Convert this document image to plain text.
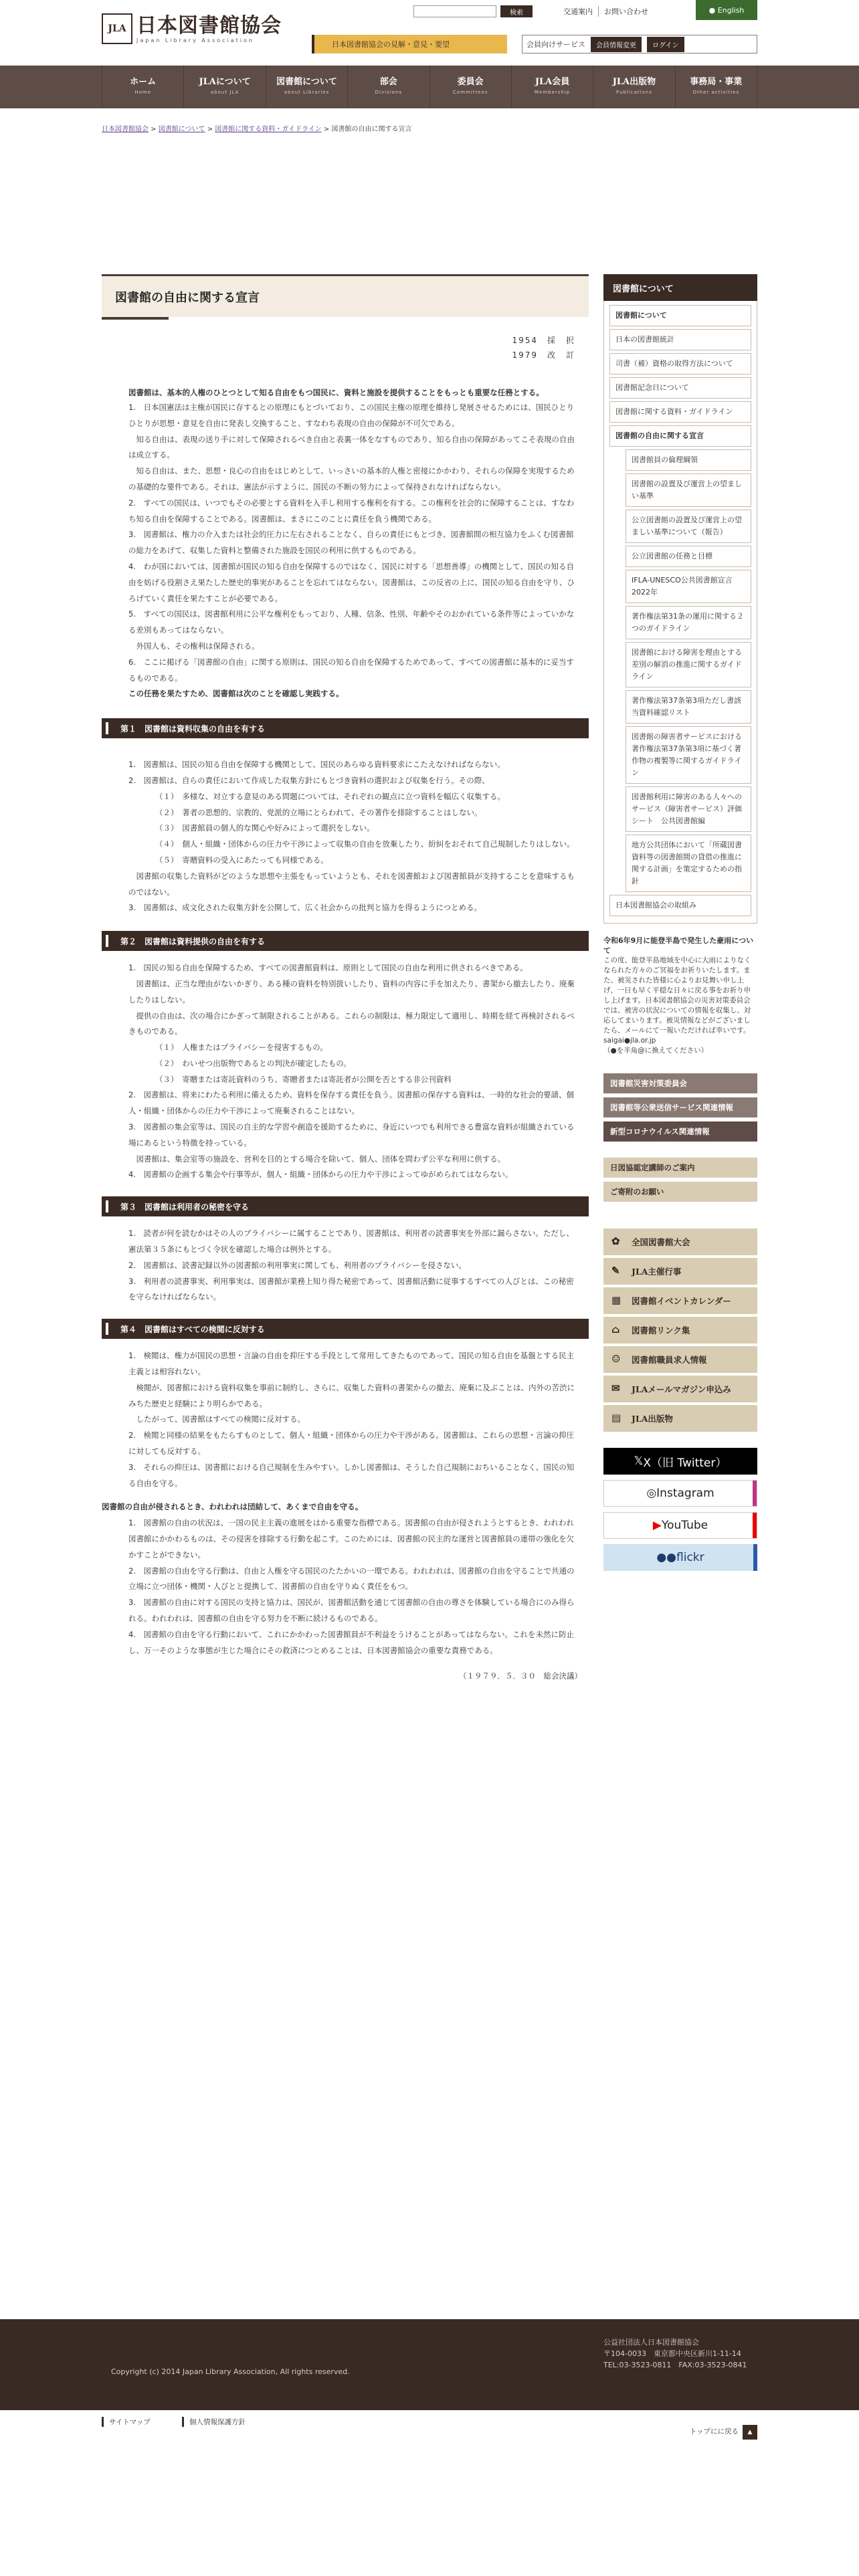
JLA 日本図書館協会
Japan Library Association
検索	交通案内	お問い合わせ	● English
日本図書館協会の見解・意見・要望	会員向けサービス	会員情報変更	ログイン
ホーム
Home
JLAについて
about JLA
図書館について
about Libraries
部会
Divisions
委員会
Committees
JLA会員
Membership
JLA出版物
Publications
事務局・事業
Other activities
日本図書館協会 > 図書館について > 図書館に関する資料・ガイドライン > 図書館の自由に関する宣言
図書館の自由に関する宣言
1954　採　択
1979　改　訂
図書館は、基本的人権のひとつとして知る自由をもつ国民に、資料と施設を提供することをもっとも重要な任務とする。

1.　日本国憲法は主権が国民に存するとの原理にもとづいており、この国民主権の原理を維持し発展させるためには、国民ひとりひとりが思想・意見を自由に発表し交換すること、すなわち表現の自由の保障が不可欠である。

　知る自由は、表現の送り手に対して保障されるべき自由と表裏一体をなすものであり、知る自由の保障があってこそ表現の自由は成立する。

　知る自由は、また、思想・良心の自由をはじめとして、いっさいの基本的人権と密接にかかわり、それらの保障を実現するための基礎的な要件である。それは、憲法が示すように、国民の不断の努力によって保持されなければならない。

2.　すべての国民は、いつでもその必要とする資料を入手し利用する権利を有する。この権利を社会的に保障することは、すなわち知る自由を保障することである。図書館は、まさにこのことに責任を負う機関である。

3.　図書館は、権力の介入または社会的圧力に左右されることなく、自らの責任にもとづき、図書館間の相互協力をふくむ図書館の総力をあげて、収集した資料と整備された施設を国民の利用に供するものである。

4.　わが国においては、図書館が国民の知る自由を保障するのではなく、国民に対する「思想善導」の機関として、国民の知る自由を妨げる役割さえ果たした歴史的事実があることを忘れてはならない。図書館は、この反省の上に、国民の知る自由を守り、ひろげていく責任を果たすことが必要である。

5.　すべての国民は、図書館利用に公平な権利をもっており、人種、信条、性別、年齢やそのおかれている条件等によっていかなる差別もあってはならない。

　外国人も、その権利は保障される。

6.　ここに掲げる「図書館の自由」に関する原則は、国民の知る自由を保障するためであって、すべての図書館に基本的に妥当するものである。

この任務を果たすため、図書館は次のことを確認し実践する。

第１　図書館は資料収集の自由を有する

1.　図書館は、国民の知る自由を保障する機関として、国民のあらゆる資料要求にこたえなければならない。

2.　図書館は、自らの責任において作成した収集方針にもとづき資料の選択および収集を行う。その際、

（１）　多様な、対立する意見のある問題については、それぞれの観点に立つ資料を幅広く収集する。

（２）　著者の思想的、宗教的、党派的立場にとらわれて、その著作を排除することはしない。

（３）　図書館員の個人的な関心や好みによって選択をしない。

（４）　個人・組織・団体からの圧力や干渉によって収集の自由を放棄したり、紛糾をおそれて自己規制したりはしない。

（５）　寄贈資料の受入にあたっても同様である。

　図書館の収集した資料がどのような思想や主張をもっていようとも、それを図書館および図書館員が支持することを意味するものではない。

3.　図書館は、成文化された収集方針を公開して、広く社会からの批判と協力を得るようにつとめる。

第２　図書館は資料提供の自由を有する

1.　国民の知る自由を保障するため、すべての図書館資料は、原則として国民の自由な利用に供されるべきである。

　図書館は、正当な理由がないかぎり、ある種の資料を特別扱いしたり、資料の内容に手を加えたり、書架から撤去したり、廃棄したりはしない。

　提供の自由は、次の場合にかぎって制限されることがある。これらの制限は、極力限定して適用し、時期を経て再検討されるべきものである。

（１）　人権またはプライバシーを侵害するもの。

（２）　わいせつ出版物であるとの判決が確定したもの。

（３）　寄贈または寄託資料のうち、寄贈者または寄託者が公開を否とする非公刊資料

2.　図書館は、将来にわたる利用に備えるため、資料を保存する責任を負う。図書館の保存する資料は、一時的な社会的要請、個人・組織・団体からの圧力や干渉によって廃棄されることはない。

3.　図書館の集会室等は、国民の自主的な学習や創造を援助するために、身近にいつでも利用できる豊富な資料が組織されている場にあるという特徴を持っている。

　図書館は、集会室等の施設を、営利を目的とする場合を除いて、個人、団体を問わず公平な利用に供する。

4.　図書館の企画する集会や行事等が、個人・組織・団体からの圧力や干渉によってゆがめられてはならない。

第３　図書館は利用者の秘密を守る

1.　読者が何を読むかはその人のプライバシーに属することであり、図書館は、利用者の読書事実を外部に漏らさない。ただし、憲法第３５条にもとづく令状を確認した場合は例外とする。

2.　図書館は、読書記録以外の図書館の利用事実に関しても、利用者のプライバシーを侵さない。

3.　利用者の読書事実、利用事実は、図書館が業務上知り得た秘密であって、図書館活動に従事するすべての人びとは、この秘密を守らなければならない。

第４　図書館はすべての検閲に反対する

1.　検閲は、権力が国民の思想・言論の自由を抑圧する手段として常用してきたものであって、国民の知る自由を基盤とする民主主義とは相容れない。

　検閲が、図書館における資料収集を事前に制約し、さらに、収集した資料の書架からの撤去、廃棄に及ぶことは、内外の苦渋にみちた歴史と経験により明らかである。

　したがって、図書館はすべての検閲に反対する。

2.　検閲と同様の結果をもたらすものとして、個人・組織・団体からの圧力や干渉がある。図書館は、これらの思想・言論の抑圧に対しても反対する。

3.　それらの抑圧は、図書館における自己規制を生みやすい。しかし図書館は、そうした自己規制におちいることなく、国民の知る自由を守る。

図書館の自由が侵されるとき、われわれは団結して、あくまで自由を守る。

1.　図書館の自由の状況は、一国の民主主義の進展をはかる重要な指標である。図書館の自由が侵されようとするとき、われわれ図書館にかかわるものは、その侵害を排除する行動を起こす。このためには、図書館の民主的な運営と図書館員の連帯の強化を欠かすことができない。

2.　図書館の自由を守る行動は、自由と人権を守る国民のたたかいの一環である。われわれは、図書館の自由を守ることで共通の立場に立つ団体・機関・人びとと提携して、図書館の自由を守りぬく責任をもつ。

3.　図書館の自由に対する国民の支持と協力は、国民が、図書館活動を通じて図書館の自由の尊さを体験している場合にのみ得られる。われわれは、図書館の自由を守る努力を不断に続けるものである。

4.　図書館の自由を守る行動において、これにかかわった図書館員が不利益をうけることがあってはならない。これを未然に防止し、万一そのような事態が生じた場合にその救済につとめることは、日本図書館協会の重要な責務である。

（１９７９．５．３０　総会決議）
図書館について
図書館について
日本の図書館統計
司書（補）資格の取得方法について
図書館記念日について
図書館に関する資料・ガイドライン
図書館の自由に関する宣言
図書館員の倫理綱領
図書館の設置及び運営上の望ましい基準
公立図書館の設置及び運営上の望ましい基準について（報告）
公立図書館の任務と目標
IFLA-UNESCO公共図書館宣言2022年
著作権法第31条の運用に関する２つのガイドライン
図書館における障害を理由とする差別の解消の推進に関するガイドライン
著作権法第37条第3項ただし書該当資料確認リスト
図書館の障害者サービスにおける著作権法第37条第3項に基づく著作物の複製等に関するガイドライン
図書館利用に障害のある人々へのサービス（障害者サービス）評価シート　公共図書館編
地方公共団体において「所蔵図書資料等の図書館間の貸借の推進に関する計画」を策定するための指針
日本図書館協会の取組み
令和6年9月に能登半島で発生した豪雨について
この度、能登半島地域を中心に大雨によりなくなられた方々のご冥福をお祈りいたします。また、被災された皆様に心よりお見舞い申し上げ、一日も早く平穏な日々に戻る事をお祈り申し上げます。日本図書館協会の災害対策委員会では、被害の状況についての情報を収集し、対応してまいります。被災情報などがございましたら、メールにて一報いただければ幸いです。
saigai●jla.or.jp
（●を半角@に換えてください）
図書館災害対策委員会
図書館等公衆送信サービス関連情報
新型コロナウイルス関連情報
日図協認定講師のご案内
ご寄附のお願い
✿	全国図書館大会
✎	JLA主催行事
▦	図書館イベントカレンダー
⌂	図書館リンク集
☺	図書館職員求人情報
✉	JLAメールマガジン申込み
▤	JLA出版物
𝕏 X（旧 Twitter）
◎ Instagram
▶ YouTube
●● flickr
サイトマップ	個人情報保護方針
トップにに戻る ▲
Copyright (c) 2014 Japan Library Association, All rights reserved.
公益社団法人日本図書館協会
〒104-0033　東京都中央区新川1-11-14
TEL:03-3523-0811　FAX:03-3523-0841
